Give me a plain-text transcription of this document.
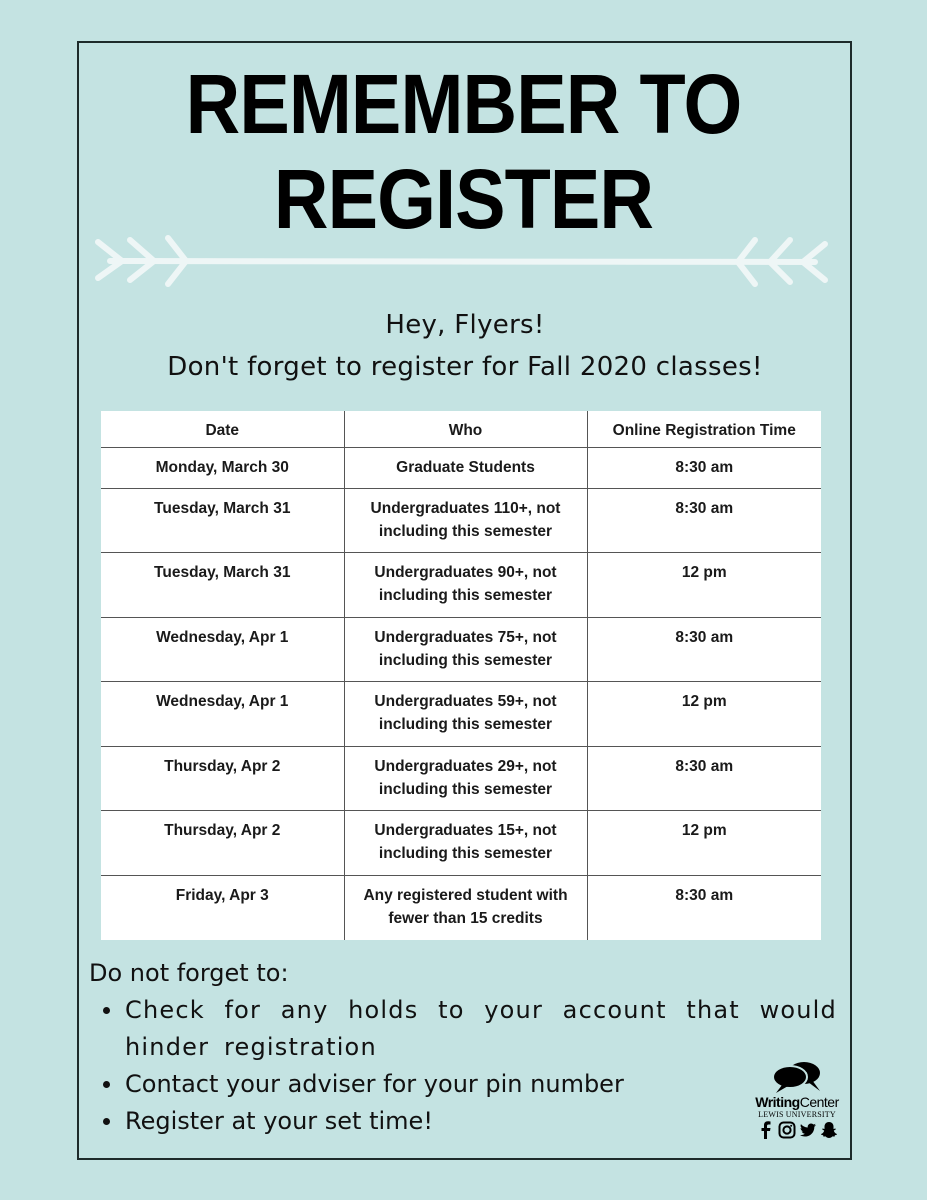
REMEMBER TO
REGISTER
Hey, Flyers!
Don't forget to register for Fall 2020 classes!
Date	Who	Online Registration Time
Monday, March 30	Graduate Students	8:30 am
Tuesday, March 31	Undergraduates 110+, not including this semester	8:30 am
Tuesday, March 31	Undergraduates 90+, not including this semester	12 pm
Wednesday, Apr 1	Undergraduates 75+, not including this semester	8:30 am
Wednesday, Apr 1	Undergraduates 59+, not including this semester	12 pm
Thursday, Apr 2	Undergraduates 29+, not including this semester	8:30 am
Thursday, Apr 2	Undergraduates 15+, not including this semester	12 pm
Friday, Apr 3	Any registered student with fewer than 15 credits	8:30 am
Do not forget to:
Check for any holds to your account that would hinder registration
Contact your adviser for your pin number
Register at your set time!
WritingCenter
LEWIS UNIVERSITY
